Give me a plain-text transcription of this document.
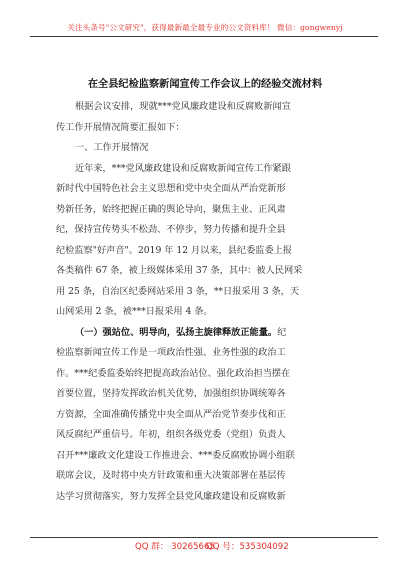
关注头条号"公文研究"，获得最新最全最专业的公文资料库！ 微信：gongwenyj
在全县纪检监察新闻宣传工作会议上的经验交流材料
根据会议安排，现就***党风廉政建设和反腐败新闻宣
传工作开展情况简要汇报如下：
一、工作开展情况
近年来，***党风廉政建设和反腐败新闻宣传工作紧跟
新时代中国特色社会主义思想和党中央全面从严治党新形
势新任务，始终把握正确的舆论导向，聚焦主业、正风肃
纪，保持宣传势头不松劲、不停步，努力传播和提升全县
纪检监察"好声音"。2019 年 12 月以来，县纪委监委上报
各类稿件 67 条，被上级媒体采用 37 条，其中：被人民网采
用 25 条，自治区纪委网站采用 3 条，**日报采用 3 条，天
山网采用 2 条，被***日报采用 4 条。
（一）强站位、明导向，弘扬主旋律释放正能量。纪
检监察新闻宣传工作是一项政治性强、业务性强的政治工
作。***纪委监委始终把提高政治站位、强化政治担当摆在
首要位置，坚持发挥政治机关优势，加强组织协调统筹各
方资源，全面准确传播党中央全面从严治党节奏步伐和正
风反腐纪严重信号。年初，组织各级党委（党组）负责人
召开***廉政文化建设工作推进会、***委反腐败协调小组联
联席会议，及时将中央方针政策和重大决策部署在基层传
达学习贯彻落实，努力发挥全县党风廉政建设和反腐败新
QQ 群： 30265665
QQ 号：535304092
